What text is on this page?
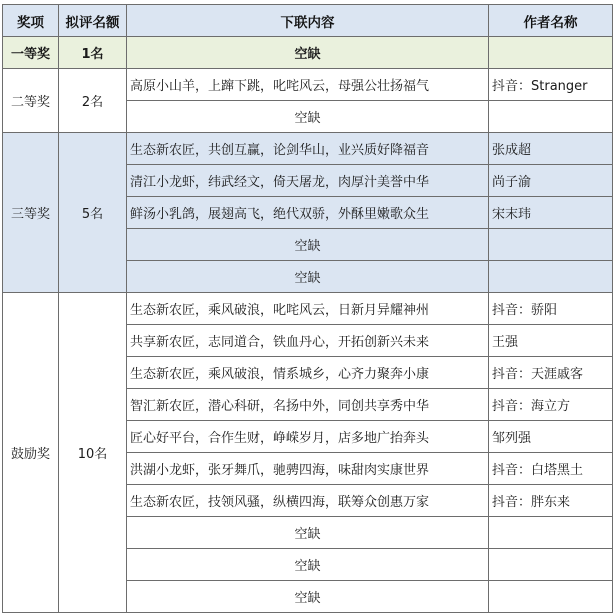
奖项	拟评名额	下联内容	作者名称
一等奖	1名	空缺	
二等奖	2名	高原小山羊，上蹿下跳，叱咤风云，母强公壮扬福气	抖音：Stranger
		空缺	
三等奖	5名	生态新农匠，共创互赢，论剑华山，业兴质好降福音	张成超
		清江小龙虾，纬武经文，倚天屠龙，肉厚汁美誉中华	尚子渝
		鲜汤小乳鸽，展翅高飞，绝代双骄，外酥里嫩歌众生	宋末玮
		空缺	
		空缺	
鼓励奖	10名	生态新农匠，乘风破浪，叱咤风云，日新月异耀神州	抖音：骄阳
		共享新农匠，志同道合，铁血丹心，开拓创新兴未来	王强
		生态新农匠，乘风破浪，情系城乡，心齐力聚奔小康	抖音：天涯戚客
		智汇新农匠，潜心科研，名扬中外，同创共享秀中华	抖音：海立方
		匠心好平台，合作生财，峥嵘岁月，店多地广抬奔头	邹列强
		洪湖小龙虾，张牙舞爪，驰骋四海，味甜肉实康世界	抖音：白塔黑土
		生态新农匠，技领风骚，纵横四海，联筹众创惠万家	抖音：胖东来
		空缺	
		空缺	
		空缺	
